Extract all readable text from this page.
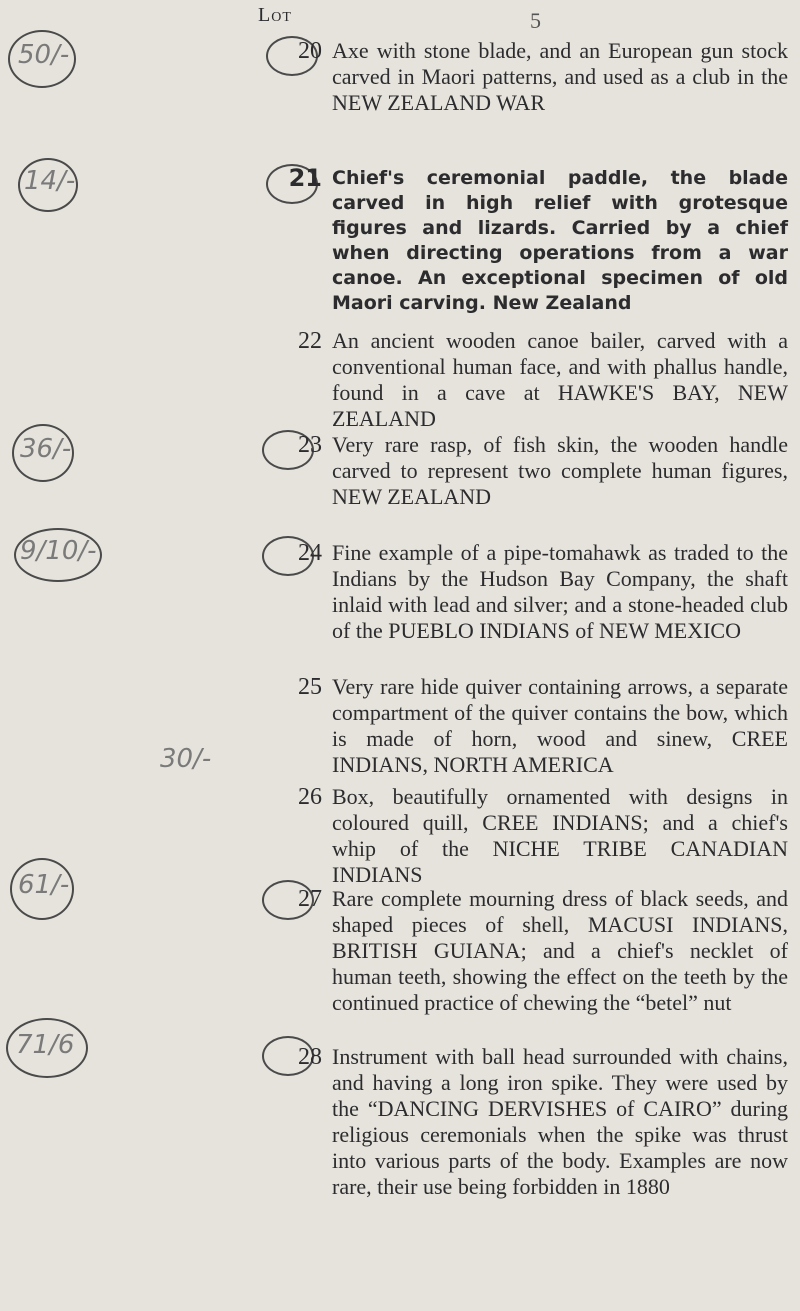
5
Lot
50/-
14/-
36/-
9/10/-
30/-
61/-
71/6
20 Axe with stone blade, and an European gun stock carved in Maori patterns, and used as a club in the NEW ZEALAND WAR
21 Chief's ceremonial paddle, the blade carved in high relief with grotesque figures and lizards. Carried by a chief when directing operations from a war canoe. An exceptional specimen of old Maori carving. New Zealand
22 An ancient wooden canoe bailer, carved with a conventional human face, and with phallus handle, found in a cave at HAWKE'S BAY, NEW ZEALAND
23 Very rare rasp, of fish skin, the wooden handle carved to represent two complete human figures, NEW ZEALAND
24 Fine example of a pipe-tomahawk as traded to the Indians by the Hudson Bay Company, the shaft inlaid with lead and silver; and a stone-headed club of the PUEBLO INDIANS of NEW MEXICO
25 Very rare hide quiver containing arrows, a separate compartment of the quiver contains the bow, which is made of horn, wood and sinew, CREE INDIANS, NORTH AMERICA
26 Box, beautifully ornamented with designs in coloured quill, CREE INDIANS; and a chief's whip of the NICHE TRIBE CANADIAN INDIANS
27 Rare complete mourning dress of black seeds, and shaped pieces of shell, MACUSI INDIANS, BRITISH GUIANA; and a chief's necklet of human teeth, showing the effect on the teeth by the continued practice of chewing the “betel” nut
28 Instrument with ball head surrounded with chains, and having a long iron spike. They were used by the “DANCING DERVISHES of CAIRO” during religious ceremonials when the spike was thrust into various parts of the body. Examples are now rare, their use being forbidden in 1880
